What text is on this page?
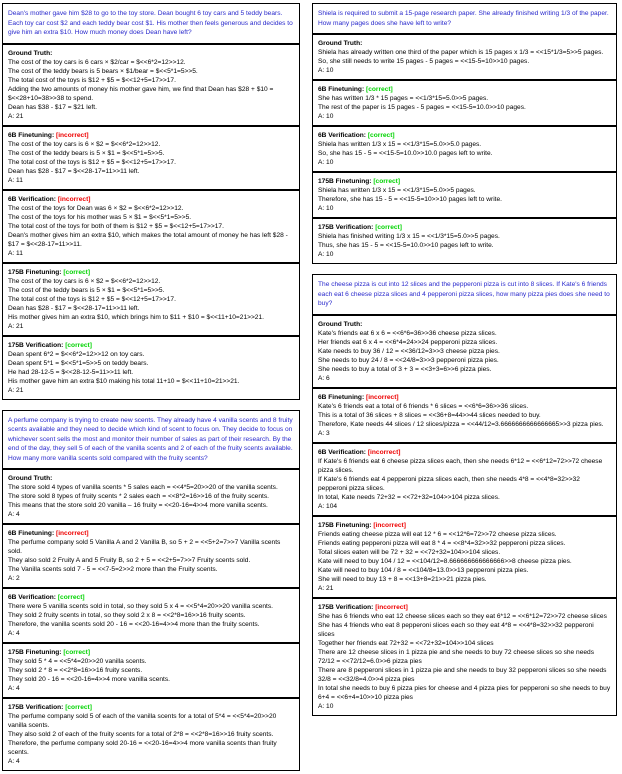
Dean's mother gave him $28 to go to the toy store. Dean bought 6 toy cars and 5 teddy bears. Each toy car cost $2 and each teddy bear cost $1. His mother then feels generous and decides to give him an extra $10. How much money does Dean have left?
Ground Truth:
The cost of the toy cars is 6 cars × $2/car = $<<6*2=12>>12.
The cost of the teddy bears is 5 bears × $1/bear = $<<5*1=5>>5.
The total cost of the toys is $12 + $5 = $<<12+5=17>>17.
Adding the two amounts of money his mother gave him, we find that Dean has $28 + $10 = $<<28+10=38>>38 to spend.
Dean has $38 - $17 = $21 left.
A: 21
6B Finetuning: [incorrect]
The cost of the toy cars is 6 × $2 = $<<6*2=12>>12.
The cost of the teddy bears is 5 × $1 = $<<5*1=5>>5.
The total cost of the toys is $12 + $5 = $<<12+5=17>>17.
Dean has $28 - $17 = $<<28-17=11>>11 left.
A: 11
6B Verification: [incorrect]
The cost of the toys for Dean was 6 × $2 = $<<6*2=12>>12.
The cost of the toys for his mother was 5 × $1 = $<<5*1=5>>5.
The total cost of the toys for both of them is $12 + $5 = $<<12+5=17>>17.
Dean's mother gives him an extra $10, which makes the total amount of money he has left $28 - $17 = $<<28-17=11>>11.
A: 11
175B Finetuning: [correct]
The cost of the toy cars is 6 × $2 = $<<6*2=12>>12.
The cost of the teddy bears is 5 × $1 = $<<5*1=5>>5.
The total cost of the toys is $12 + $5 = $<<12+5=17>>17.
Dean has $28 - $17 = $<<28-17=11>>11 left.
His mother gives him an extra $10, which brings him to $11 + $10 = $<<11+10=21>>21.
A: 21
175B Verification: [correct]
Dean spent 6*2 = $<<6*2=12>>12 on toy cars.
Dean spent 5*1 = $<<5*1=5>>5 on teddy bears.
He had 28-12-5 = $<<28-12-5=11>>11 left.
His mother gave him an extra $10 making his total 11+10 = $<<11+10=21>>21.
A: 21
A perfume company is trying to create new scents. They already have 4 vanilla scents and 8 fruity scents available and they need to decide which kind of scent to focus on. They decide to focus on whichever scent sells the most and monitor their number of sales as part of their research. By the end of the day, they sell 5 of each of the vanilla scents and 2 of each of the fruity scents available. How many more vanilla scents sold compared with the fruity scents?
Ground Truth:
The store sold 4 types of vanilla scents * 5 sales each = <<4*5=20>>20 of the vanilla scents.
The store sold 8 types of fruity scents * 2 sales each = <<8*2=16>>16 of the fruity scents.
This means that the store sold 20 vanilla – 16 fruity = <<20-16=4>>4 more vanilla scents.
A: 4
6B Finetuning: [incorrect]
The perfume company sold 5 Vanilla A and 2 Vanilla B, so 5 + 2 = <<5+2=7>>7 Vanilla scents sold.
They also sold 2 Fruity A and 5 Fruity B, so 2 + 5 = <<2+5=7>>7 Fruity scents sold.
The Vanilla scents sold 7 - 5 = <<7-5=2>>2 more than the Fruity scents.
A: 2
6B Verification: [correct]
There were 5 vanilla scents sold in total, so they sold 5 x 4 = <<5*4=20>>20 vanilla scents.
They sold 2 fruity scents in total, so they sold 2 x 8 = <<2*8=16>>16 fruity scents.
Therefore, the vanilla scents sold 20 - 16 = <<20-16=4>>4 more than the fruity scents.
A: 4
175B Finetuning: [correct]
They sold 5 * 4 = <<5*4=20>>20 vanilla scents.
They sold 2 * 8 = <<2*8=16>>16 fruity scents.
They sold 20 - 16 = <<20-16=4>>4 more vanilla scents.
A: 4
175B Verification: [correct]
The perfume company sold 5 of each of the vanilla scents for a total of 5*4 = <<5*4=20>>20 vanilla scents.
They also sold 2 of each of the fruity scents for a total of 2*8 = <<2*8=16>>16 fruity scents.
Therefore, the perfume company sold 20-16 = <<20-16=4>>4 more vanilla scents than fruity scents.
A: 4
Shiela is required to submit a 15-page research paper. She already finished writing 1/3 of the paper. How many pages does she have left to write?
Ground Truth:
Shiela has already written one third of the paper which is 15 pages x 1/3 = <<15*1/3=5>>5 pages.
So, she still needs to write 15 pages - 5 pages = <<15-5=10>>10 pages.
A: 10
6B Finetuning: [correct]
She has written 1/3 * 15 pages = <<1/3*15=5.0>>5 pages.
The rest of the paper is 15 pages - 5 pages = <<15-5=10.0>>10 pages.
A: 10
6B Verification: [correct]
Shiela has written 1/3 x 15 = <<1/3*15=5.0>>5.0 pages.
So, she has 15 - 5 = <<15-5=10.0>>10.0 pages left to write.
A: 10
175B Finetuning: [correct]
Shiela has written 1/3 x 15 = <<1/3*15=5.0>>5 pages.
Therefore, she has 15 - 5 = <<15-5=10>>10 pages left to write.
A: 10
175B Verification: [correct]
Shiela has finished writing 1/3 x 15 = <<1/3*15=5.0>>5 pages.
Thus, she has 15 - 5 = <<15-5=10.0>>10 pages left to write.
A: 10
The cheese pizza is cut into 12 slices and the pepperoni pizza is cut into 8 slices. If Kate's 6 friends each eat 6 cheese pizza slices and 4 pepperoni pizza slices, how many pizza pies does she need to buy?
Ground Truth:
Kate's friends eat 6 x 6 = <<6*6=36>>36 cheese pizza slices.
Her friends eat 6 x 4 = <<6*4=24>>24 pepperoni pizza slices.
Kate needs to buy 36 / 12 = <<36/12=3>>3 cheese pizza pies.
She needs to buy 24 / 8 = <<24/8=3>>3 pepperoni pizza pies.
She needs to buy a total of 3 + 3 = <<3+3=6>>6 pizza pies.
A: 6
6B Finetuning: [incorrect]
Kate's 6 friends eat a total of 6 friends * 6 slices = <<6*6=36>>36 slices.
This is a total of 36 slices + 8 slices = <<36+8=44>>44 slices needed to buy.
Therefore, Kate needs 44 slices / 12 slices/pizza = <<44/12=3.6666666666666665>>3 pizza pies.
A: 3
6B Verification: [incorrect]
If Kate's 6 friends eat 6 cheese pizza slices each, then she needs 6*12 = <<6*12=72>>72 cheese pizza slices.
If Kate's 6 friends eat 4 pepperoni pizza slices each, then she needs 4*8 = <<4*8=32>>32 pepperoni pizza slices.
In total, Kate needs 72+32 = <<72+32=104>>104 pizza slices.
A: 104
175B Finetuning: [incorrect]
Friends eating cheese pizza will eat 12 * 6 = <<12*6=72>>72 cheese pizza slices.
Friends eating pepperoni pizza will eat 8 * 4 = <<8*4=32>>32 pepperoni pizza slices.
Total slices eaten will be 72 + 32 = <<72+32=104>>104 slices.
Kate will need to buy 104 / 12 = <<104/12=8.666666666666666>>8 cheese pizza pies.
Kate will need to buy 104 / 8 = <<104/8=13.0>>13 pepperoni pizza pies.
She will need to buy 13 + 8 = <<13+8=21>>21 pizza pies.
A: 21
175B Verification: [incorrect]
She has 6 friends who eat 12 cheese slices each so they eat 6*12 = <<6*12=72>>72 cheese slices
She has 4 friends who eat 8 pepperoni slices each so they eat 4*8 = <<4*8=32>>32 pepperoni slices
Together her friends eat 72+32 = <<72+32=104>>104 slices
There are 12 cheese slices in 1 pizza pie and she needs to buy 72 cheese slices so she needs 72/12 = <<72/12=6.0>>6 pizza pies
There are 8 pepperoni slices in 1 pizza pie and she needs to buy 32 pepperoni slices so she needs 32/8 = <<32/8=4.0>>4 pizza pies
In total she needs to buy 6 pizza pies for cheese and 4 pizza pies for pepperoni so she needs to buy 6+4 = <<6+4=10>>10 pizza pies
A: 10
